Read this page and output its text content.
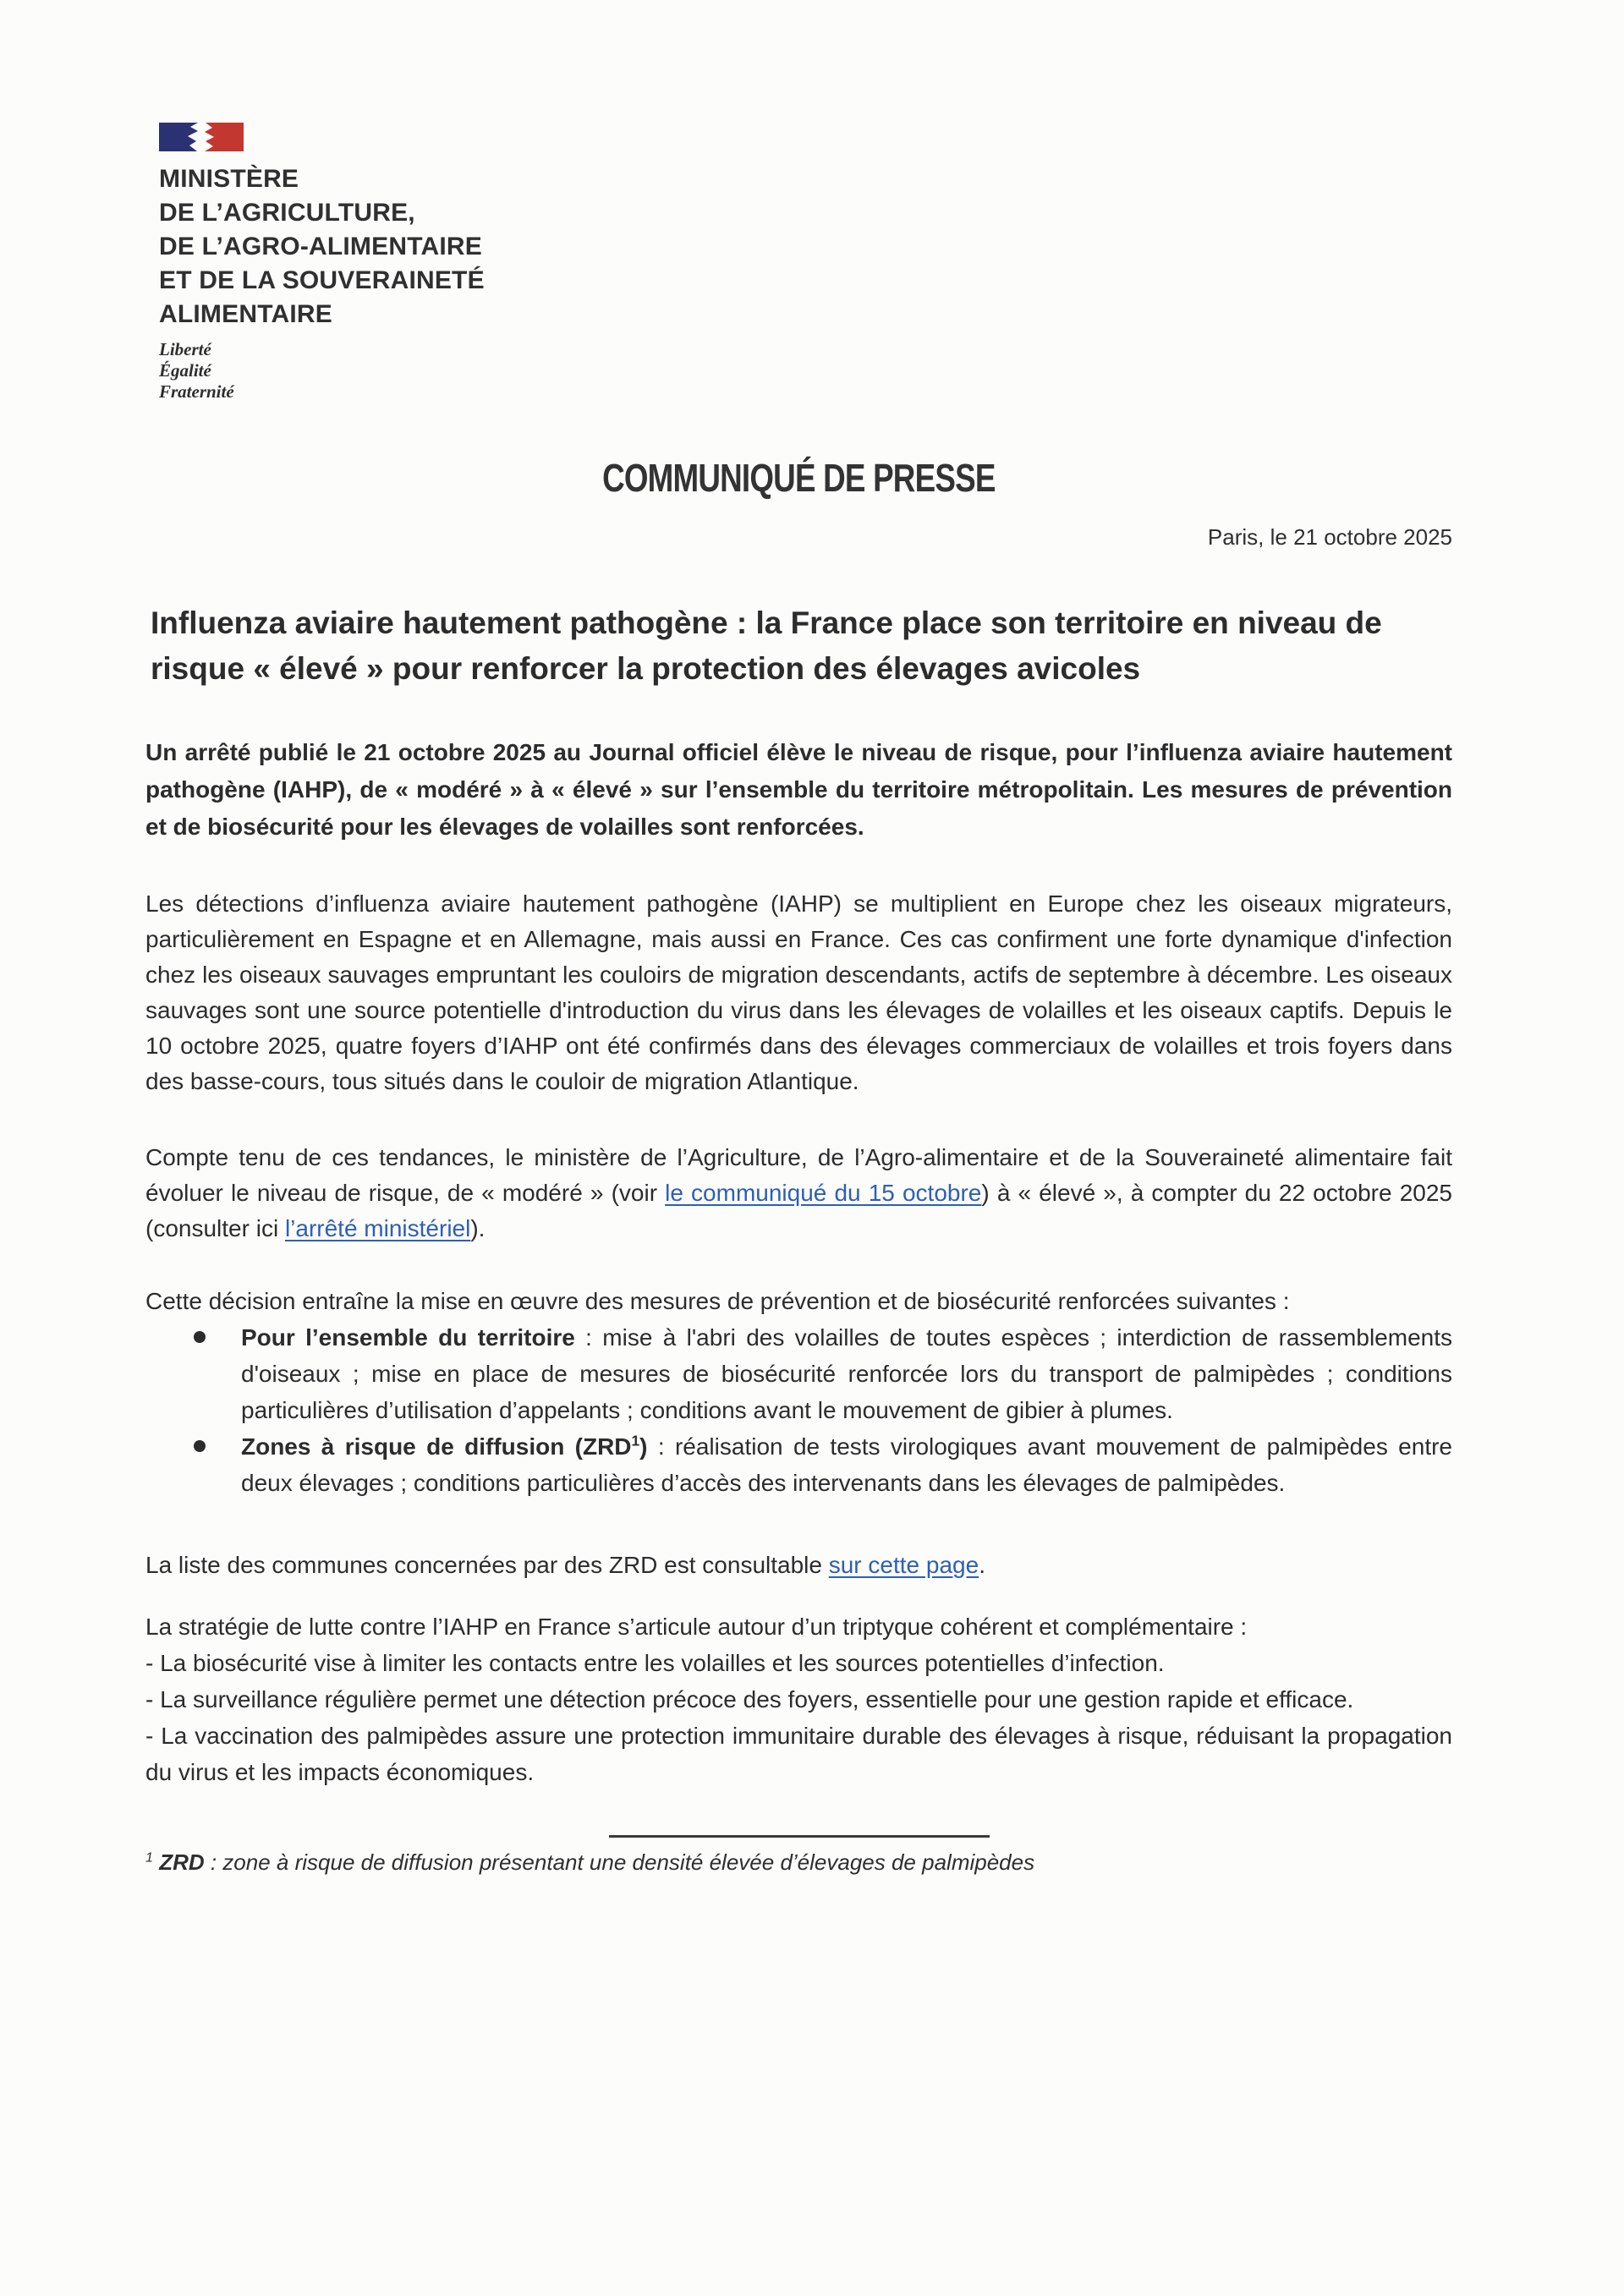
MINISTÈRE
DE L’AGRICULTURE,
DE L’AGRO-ALIMENTAIRE
ET DE LA SOUVERAINETÉ
ALIMENTAIRE
Liberté
Égalité
Fraternité
COMMUNIQUÉ DE PRESSE
Paris, le 21 octobre 2025
Influenza aviaire hautement pathogène : la France place son territoire en niveau de risque « élevé » pour renforcer la protection des élevages avicoles
Un arrêté publié le 21 octobre 2025 au Journal officiel élève le niveau de risque, pour l’influenza aviaire hautement pathogène (IAHP), de « modéré » à « élevé » sur l’ensemble du territoire métropolitain. Les mesures de prévention et de biosécurité pour les élevages de volailles sont renforcées.
Les détections d’influenza aviaire hautement pathogène (IAHP) se multiplient en Europe chez les oiseaux migrateurs, particulièrement en Espagne et en Allemagne, mais aussi en France. Ces cas confirment une forte dynamique d'infection chez les oiseaux sauvages empruntant les couloirs de migration descendants, actifs de septembre à décembre. Les oiseaux sauvages sont une source potentielle d'introduction du virus dans les élevages de volailles et les oiseaux captifs. Depuis le 10 octobre 2025, quatre foyers d’IAHP ont été confirmés dans des élevages commerciaux de volailles et trois foyers dans des basse-cours, tous situés dans le couloir de migration Atlantique.
Compte tenu de ces tendances, le ministère de l’Agriculture, de l’Agro-alimentaire et de la Souveraineté alimentaire fait évoluer le niveau de risque, de « modéré » (voir le communiqué du 15 octobre) à « élevé », à compter du 22 octobre 2025 (consulter ici l’arrêté ministériel).
Cette décision entraîne la mise en œuvre des mesures de prévention et de biosécurité renforcées suivantes :
Pour l’ensemble du territoire : mise à l'abri des volailles de toutes espèces ; interdiction de rassemblements d'oiseaux ; mise en place de mesures de biosécurité renforcée lors du transport de palmipèdes ; conditions particulières d’utilisation d’appelants ; conditions avant le mouvement de gibier à plumes.
Zones à risque de diffusion (ZRD$^1$) : réalisation de tests virologiques avant mouvement de palmipèdes entre deux élevages ; conditions particulières d’accès des intervenants dans les élevages de palmipèdes.
La liste des communes concernées par des ZRD est consultable sur cette page.
La stratégie de lutte contre l’IAHP en France s’articule autour d’un triptyque cohérent et complémentaire :
- La biosécurité vise à limiter les contacts entre les volailles et les sources potentielles d’infection.
- La surveillance régulière permet une détection précoce des foyers, essentielle pour une gestion rapide et efficace.
- La vaccination des palmipèdes assure une protection immunitaire durable des élevages à risque, réduisant la propagation du virus et les impacts économiques.
$^1$ ZRD : zone à risque de diffusion présentant une densité élevée d’élevages de palmipèdes
